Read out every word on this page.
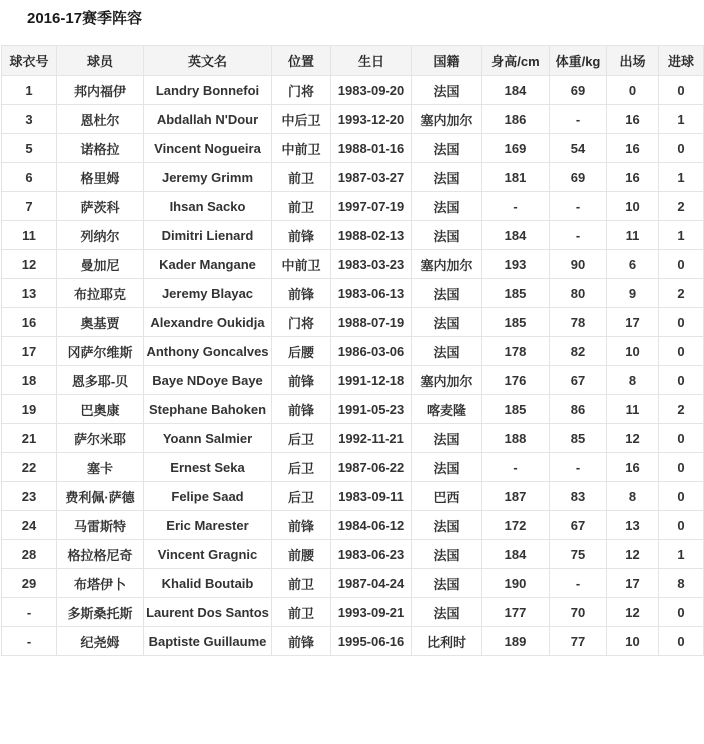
2016-17赛季阵容
球衣号	球员	英文名	位置	生日	国籍	身高/cm	体重/kg	出场	进球
1	邦内福伊	Landry Bonnefoi	门将	1983-09-20	法国	184	69	0	0
3	恩杜尔	Abdallah N'Dour	中后卫	1993-12-20	塞内加尔	186	-	16	1
5	诺格拉	Vincent Nogueira	中前卫	1988-01-16	法国	169	54	16	0
6	格里姆	Jeremy Grimm	前卫	1987-03-27	法国	181	69	16	1
7	萨茨科	Ihsan Sacko	前卫	1997-07-19	法国	-	-	10	2
11	列纳尔	Dimitri Lienard	前锋	1988-02-13	法国	184	-	11	1
12	曼加尼	Kader Mangane	中前卫	1983-03-23	塞内加尔	193	90	6	0
13	布拉耶克	Jeremy Blayac	前锋	1983-06-13	法国	185	80	9	2
16	奥基贾	Alexandre Oukidja	门将	1988-07-19	法国	185	78	17	0
17	冈萨尔维斯	Anthony Goncalves	后腰	1986-03-06	法国	178	82	10	0
18	恩多耶-贝	Baye NDoye Baye	前锋	1991-12-18	塞内加尔	176	67	8	0
19	巴奥康	Stephane Bahoken	前锋	1991-05-23	喀麦隆	185	86	11	2
21	萨尔米耶	Yoann Salmier	后卫	1992-11-21	法国	188	85	12	0
22	塞卡	Ernest Seka	后卫	1987-06-22	法国	-	-	16	0
23	费利佩·萨德	Felipe Saad	后卫	1983-09-11	巴西	187	83	8	0
24	马雷斯特	Eric Marester	前锋	1984-06-12	法国	172	67	13	0
28	格拉格尼奇	Vincent Gragnic	前腰	1983-06-23	法国	184	75	12	1
29	布塔伊卜	Khalid Boutaib	前卫	1987-04-24	法国	190	-	17	8
-	多斯桑托斯	Laurent Dos Santos	前卫	1993-09-21	法国	177	70	12	0
-	纪尧姆	Baptiste Guillaume	前锋	1995-06-16	比利时	189	77	10	0
